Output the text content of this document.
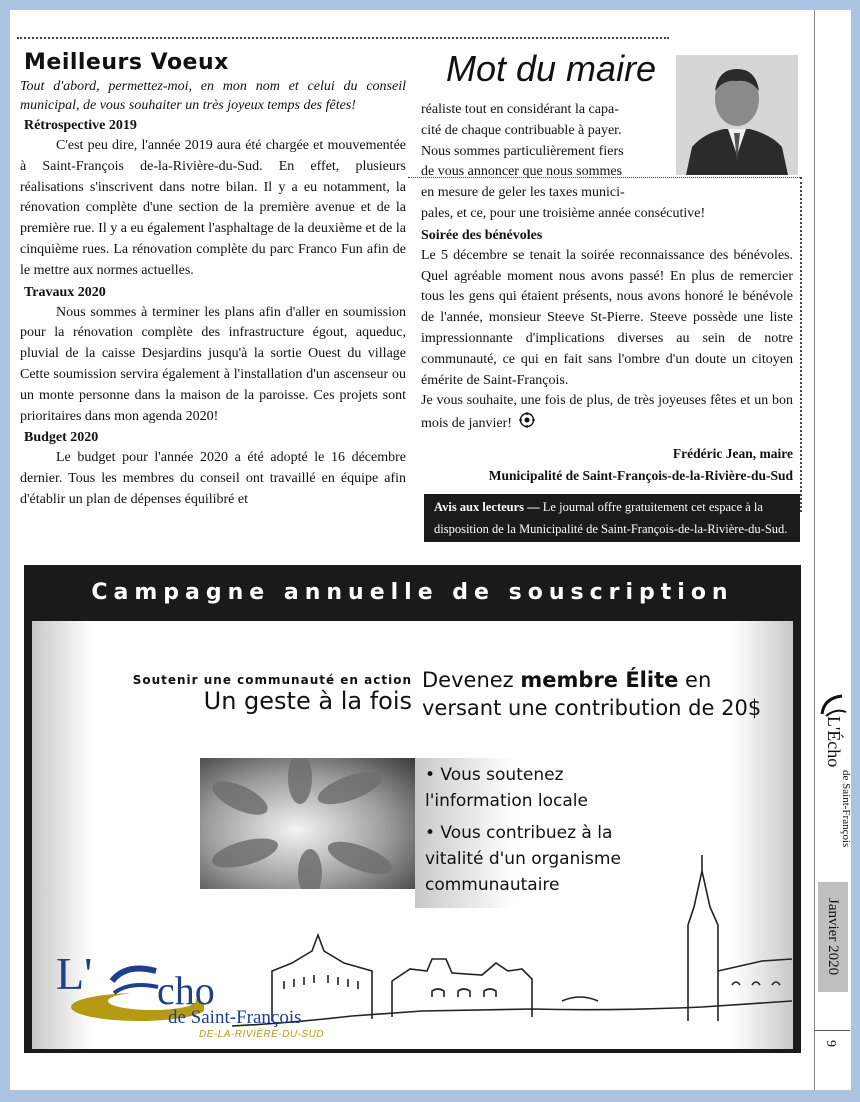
Meilleurs Voeux

Tout d'abord, permettez-moi, en mon nom et celui du conseil municipal, de vous souhaiter un très joyeux temps des fêtes!

Rétrospective 2019

C'est peu dire, l'année 2019 aura été chargée et mouvementée à Saint-François de-la-Rivière-du-Sud. En effet, plusieurs réalisations s'inscrivent dans notre bilan. Il y a eu notamment, la rénovation complète d'une section de la première avenue et de la première rue. Il y a eu également l'asphaltage de la deuxième et de la cinquième rues. La rénovation complète du parc Franco Fun afin de le mettre aux normes actuelles.

Travaux 2020

Nous sommes à terminer les plans afin d'aller en soumission pour la rénovation complète des infrastructure égout, aqueduc, pluvial de la caisse Desjardins jusqu'à la sortie Ouest du village Cette soumission servira également à l'installation d'un ascenseur ou un monte personne dans la maison de la paroisse. Ces projets sont prioritaires dans mon agenda 2020!

Budget 2020

Le budget pour l'année 2020 a été adopté le 16 décembre dernier. Tous les membres du conseil ont travaillé en équipe afin d'établir un plan de dépenses équilibré et

Mot du maire
réaliste tout en considérant la capa-
cité de chaque contribuable à payer.
Nous sommes particulièrement fiers
de vous annoncer que nous sommes
en mesure de geler les taxes munici-
pales, et ce, pour une troisième année consécutive!
Soirée des bénévoles

Le 5 décembre se tenait la soirée reconnaissance des bénévoles. Quel agréable moment nous avons passé! En plus de remercier tous les gens qui étaient présents, nous avons honoré le bénévole de l'année, monsieur Steeve St-Pierre. Steeve possède une liste impressionnante d'implications diverses au sein de notre communauté, ce qui en fait sans l'ombre d'un doute un citoyen émérite de Saint-François.

Je vous souhaite, une fois de plus, de très joyeuses fêtes et un bon mois de janvier!

Frédéric Jean, maire

Municipalité de Saint-François-de-la-Rivière-du-Sud

Avis aux lecteurs — Le journal offre gratuitement cet espace à la disposition de la Municipalité de Saint-François-de-la-Rivière-du-Sud.
Campagne annuelle de souscription
Soutenir une communauté en action
Un geste à la fois
Devenez membre Élite en versant une contribution de 20$

• Vous soutenez l'information locale

• Vous contribuez à la vitalité d'un organisme communautaire

L' cho
de Saint-François
DE-LA-RIVIÈRE-DU-SUD
L'Écho
de Saint-François
Janvier 2020
9
